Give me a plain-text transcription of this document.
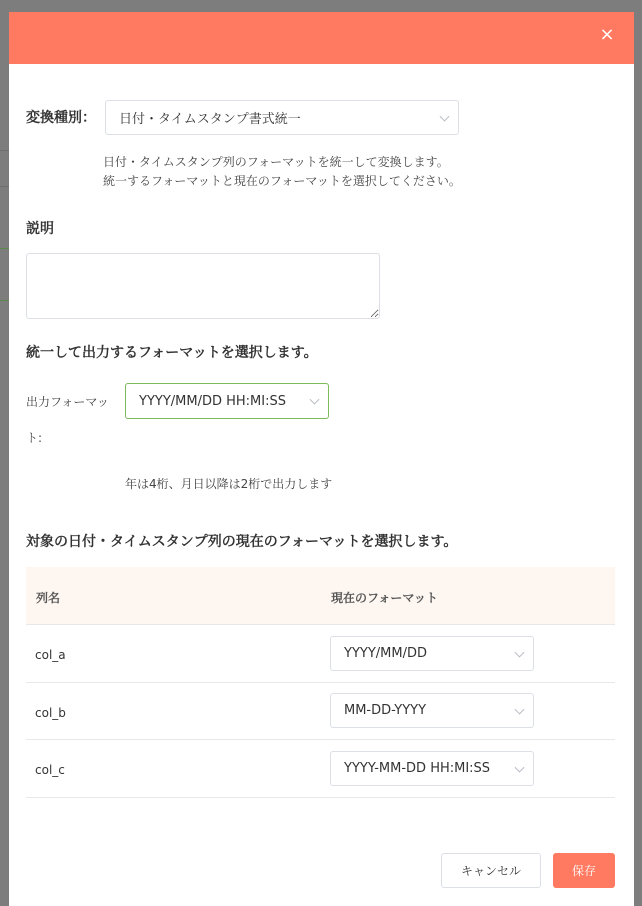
×
変換種別： 日付・タイムスタンプ書式統一
日付・タイムスタンプ列のフォーマットを統一して変換します。
統一するフォーマットと現在のフォーマットを選択してください。
説明
統一して出力するフォーマットを選択します。
出力フォーマッ
ト:
YYYY/MM/DD HH:MI:SS
年は4桁、月日以降は2桁で出力します
対象の日付・タイムスタンプ列の現在のフォーマットを選択します。
列名	現在のフォーマット
col_a	YYYY/MM/DD
col_b	MM-DD-YYYY
col_c	YYYY-MM-DD HH:MI:SS
キャンセル	保存
